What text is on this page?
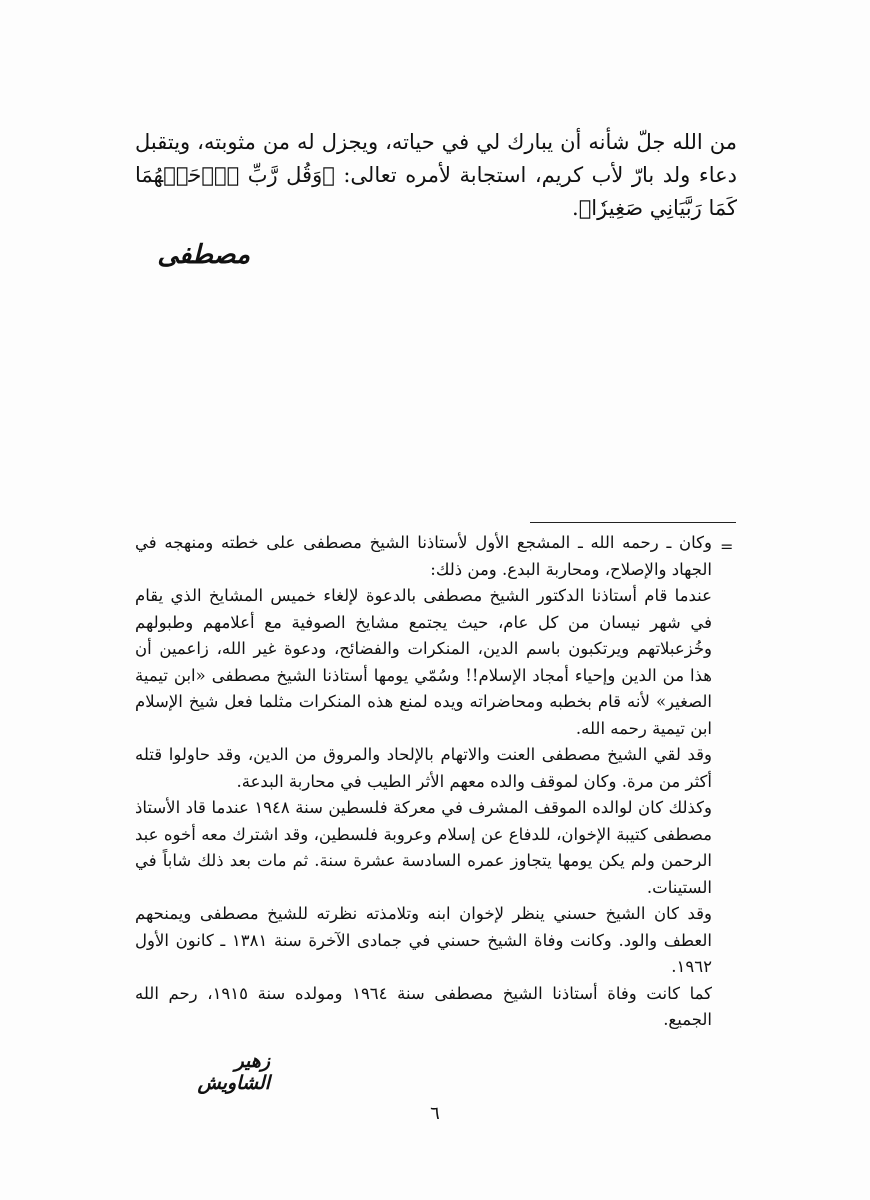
من الله جلّ شأنه أن يبارك لي في حياته، ويجزل له من مثوبته، ويتقبل دعاء ولد بارّ لأب كريم، استجابة لأمره تعالى: ﴿وَقُل رَّبِّ ٱرۡحَمۡهُمَا كَمَا رَبَّيَانِي صَغِيرٗا﴾.

مصطفى
=

وكان ـ رحمه الله ـ المشجع الأول لأستاذنا الشيخ مصطفى على خطته ومنهجه في الجهاد والإصلاح، ومحاربة البدع. ومن ذلك:

عندما قام أستاذنا الدكتور الشيخ مصطفى بالدعوة لإلغاء خميس المشايخ الذي يقام في شهر نيسان من كل عام، حيث يجتمع مشايخ الصوفية مع أعلامهم وطبولهم وخُزعبلاتهم ويرتكبون باسم الدين، المنكرات والفضائح، ودعوة غير الله، زاعمين أن هذا من الدين وإحياء أمجاد الإسلام!! وسُمّي يومها أستاذنا الشيخ مصطفى «ابن تيمية الصغير» لأنه قام بخطبه ومحاضراته ويده لمنع هذه المنكرات مثلما فعل شيخ الإسلام ابن تيمية رحمه الله.

وقد لقي الشيخ مصطفى العنت والاتهام بالإلحاد والمروق من الدين، وقد حاولوا قتله أكثر من مرة. وكان لموقف والده معهم الأثر الطيب في محاربة البدعة.

وكذلك كان لوالده الموقف المشرف في معركة فلسطين سنة ١٩٤٨ عندما قاد الأستاذ مصطفى كتيبة الإخوان، للدفاع عن إسلام وعروبة فلسطين، وقد اشترك معه أخوه عبد الرحمن ولم يكن يومها يتجاوز عمره السادسة عشرة سنة. ثم مات بعد ذلك شاباً في الستينات.

وقد كان الشيخ حسني ينظر لإخوان ابنه وتلامذته نظرته للشيخ مصطفى ويمنحهم العطف والود. وكانت وفاة الشيخ حسني في جمادى الآخرة سنة ١٣٨١ ـ كانون الأول ١٩٦٢.

كما كانت وفاة أستاذنا الشيخ مصطفى سنة ١٩٦٤ ومولده سنة ١٩١٥، رحم الله الجميع.

زهير الشاويش
٦
